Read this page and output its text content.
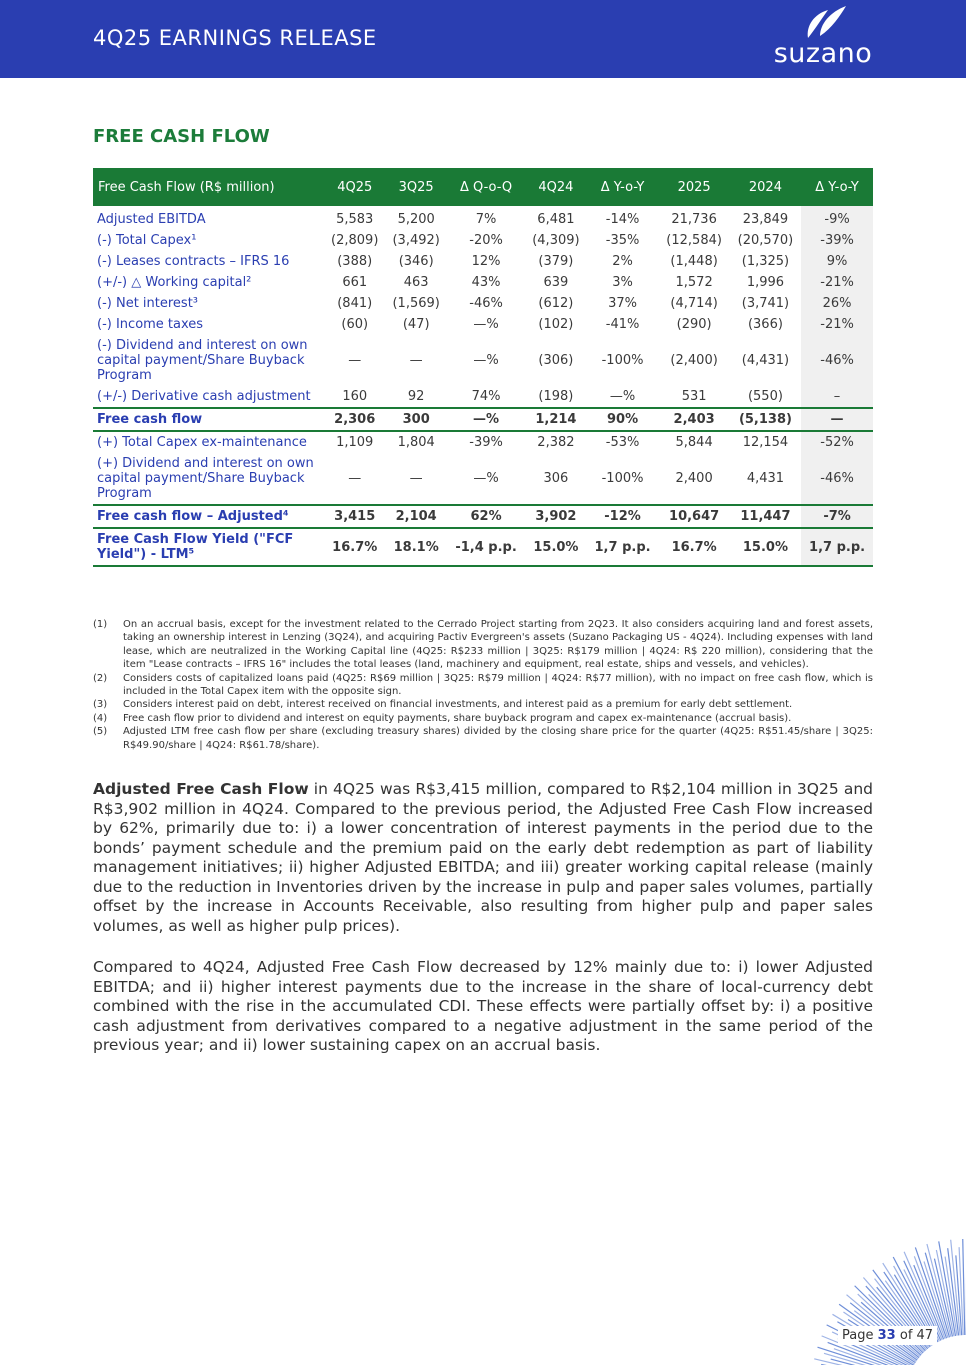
4Q25 EARNINGS RELEASE	suzano
FREE CASH FLOW
Free Cash Flow (R$ million)	4Q25	3Q25	Δ Q-o-Q	4Q24	Δ Y-o-Y	2025	2024	Δ Y-o-Y
Adjusted EBITDA	5,583	5,200	7%	6,481	-14%	21,736	23,849	-9%
(-) Total Capex¹	(2,809)	(3,492)	-20%	(4,309)	-35%	(12,584)	(20,570)	-39%
(-) Leases contracts – IFRS 16	(388)	(346)	12%	(379)	2%	(1,448)	(1,325)	9%
(+/-) △ Working capital²	661	463	43%	639	3%	1,572	1,996	-21%
(-) Net interest³	(841)	(1,569)	-46%	(612)	37%	(4,714)	(3,741)	26%
(-) Income taxes	(60)	(47)	—%	(102)	-41%	(290)	(366)	-21%
(-) Dividend and interest on own capital payment/Share Buyback Program	—	—	—%	(306)	-100%	(2,400)	(4,431)	-46%
(+/-) Derivative cash adjustment	160	92	74%	(198)	—%	531	(550)	–
Free cash flow	2,306	300	—%	1,214	90%	2,403	(5,138)	—
(+) Total Capex ex-maintenance	1,109	1,804	-39%	2,382	-53%	5,844	12,154	-52%
(+) Dividend and interest on own capital payment/Share Buyback Program	—	—	—%	306	-100%	2,400	4,431	-46%
Free cash flow – Adjusted⁴	3,415	2,104	62%	3,902	-12%	10,647	11,447	-7%
Free Cash Flow Yield ("FCF Yield") - LTM⁵	16.7%	18.1%	-1,4 p.p.	15.0%	1,7 p.p.	16.7%	15.0%	1,7 p.p.
(1)	On an accrual basis, except for the investment related to the Cerrado Project starting from 2Q23. It also considers acquiring land and forest assets, taking an ownership interest in Lenzing (3Q24), and acquiring Pactiv Evergreen's assets (Suzano Packaging US - 4Q24). Including expenses with land lease, which are neutralized in the Working Capital line (4Q25: R$233 million | 3Q25: R$179 million | 4Q24: R$ 220 million), considering that the item "Lease contracts – IFRS 16" includes the total leases (land, machinery and equipment, real estate, ships and vessels, and vehicles).
(2)	Considers costs of capitalized loans paid (4Q25: R$69 million | 3Q25: R$79 million | 4Q24: R$77 million), with no impact on free cash flow, which is included in the Total Capex item with the opposite sign.
(3)	Considers interest paid on debt, interest received on financial investments, and interest paid as a premium for early debt settlement.
(4)	Free cash flow prior to dividend and interest on equity payments, share buyback program and capex ex-maintenance (accrual basis).
(5)	Adjusted LTM free cash flow per share (excluding treasury shares) divided by the closing share price for the quarter (4Q25: R$51.45/share | 3Q25: R$49.90/share | 4Q24: R$61.78/share).
Adjusted Free Cash Flow in 4Q25 was R$3,415 million, compared to R$2,104 million in 3Q25 and R$3,902 million in 4Q24. Compared to the previous period, the Adjusted Free Cash Flow increased by 62%, primarily due to: i) a lower concentration of interest payments in the period due to the bonds’ payment schedule and the premium paid on the early debt redemption as part of liability management initiatives; ii) higher Adjusted EBITDA; and iii) greater working capital release (mainly due to the reduction in Inventories driven by the increase in pulp and paper sales volumes, partially offset by the increase in Accounts Receivable, also resulting from higher pulp and paper sales volumes, as well as higher pulp prices).
Compared to 4Q24, Adjusted Free Cash Flow decreased by 12% mainly due to: i) lower Adjusted EBITDA; and ii) higher interest payments due to the increase in the share of local-currency debt combined with the rise in the accumulated CDI. These effects were partially offset by: i) a positive cash adjustment from derivatives compared to a negative adjustment in the same period of the previous year; and ii) lower sustaining capex on an accrual basis.
Page 33 of 47
